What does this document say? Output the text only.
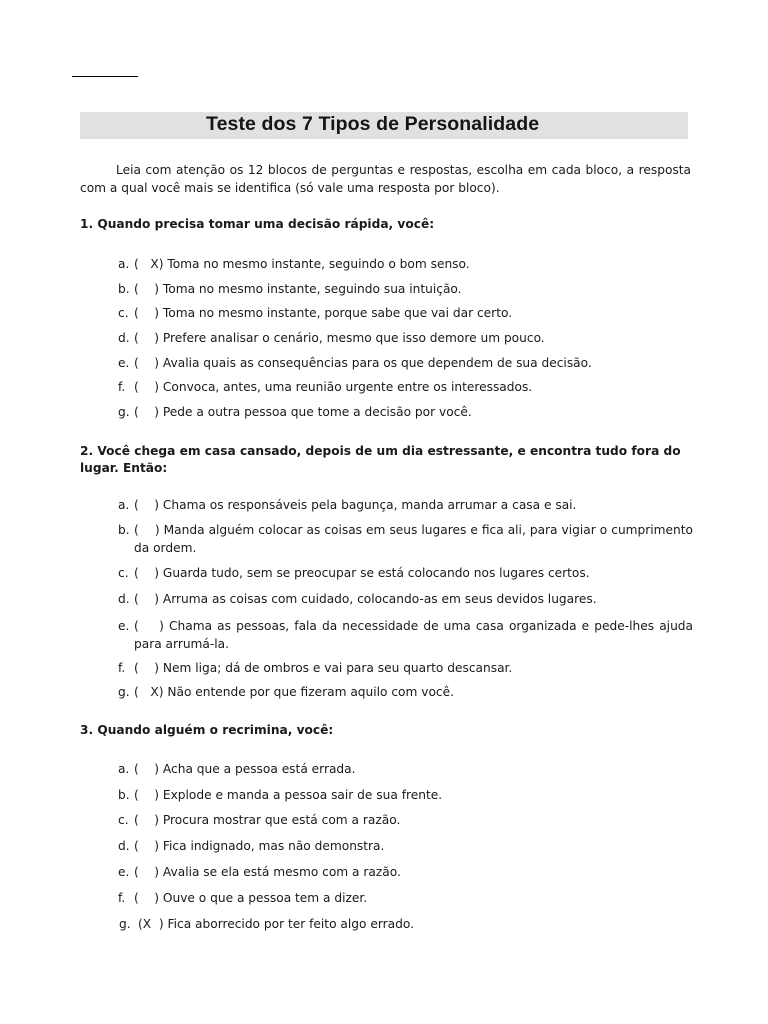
Teste dos 7 Tipos de Personalidade
Leia com atenção os 12 blocos de perguntas e respostas, escolha em cada bloco, a resposta com a qual você mais se identifica (só vale uma resposta por bloco).
1. Quando precisa tomar uma decisão rápida, você:
a. (   X) Toma no mesmo instante, seguindo o bom senso.
b. (    ) Toma no mesmo instante, seguindo sua intuição.
c. (    ) Toma no mesmo instante, porque sabe que vai dar certo.
d. (    ) Prefere analisar o cenário, mesmo que isso demore um pouco.
e. (    ) Avalia quais as consequências para os que dependem de sua decisão.
f. (    ) Convoca, antes, uma reunião urgente entre os interessados.
g. (    ) Pede a outra pessoa que tome a decisão por você.
2. Você chega em casa cansado, depois de um dia estressante, e encontra tudo fora do lugar. Então:
a. (    ) Chama os responsáveis pela bagunça, manda arrumar a casa e sai.
b. (    ) Manda alguém colocar as coisas em seus lugares e fica ali, para vigiar o cumprimento da ordem.
c. (    ) Guarda tudo, sem se preocupar se está colocando nos lugares certos.
d. (    ) Arruma as coisas com cuidado, colocando-as em seus devidos lugares.
e. (    ) Chama as pessoas, fala da necessidade de uma casa organizada e pede-lhes ajuda para arrumá-la.
f. (    ) Nem liga; dá de ombros e vai para seu quarto descansar.
g. (   X) Não entende por que fizeram aquilo com você.
3. Quando alguém o recrimina, você:
a. (    ) Acha que a pessoa está errada.
b. (    ) Explode e manda a pessoa sair de sua frente.
c. (    ) Procura mostrar que está com a razão.
d. (    ) Fica indignado, mas não demonstra.
e. (    ) Avalia se ela está mesmo com a razão.
f. (    ) Ouve o que a pessoa tem a dizer.
g. (X  ) Fica aborrecido por ter feito algo errado.
